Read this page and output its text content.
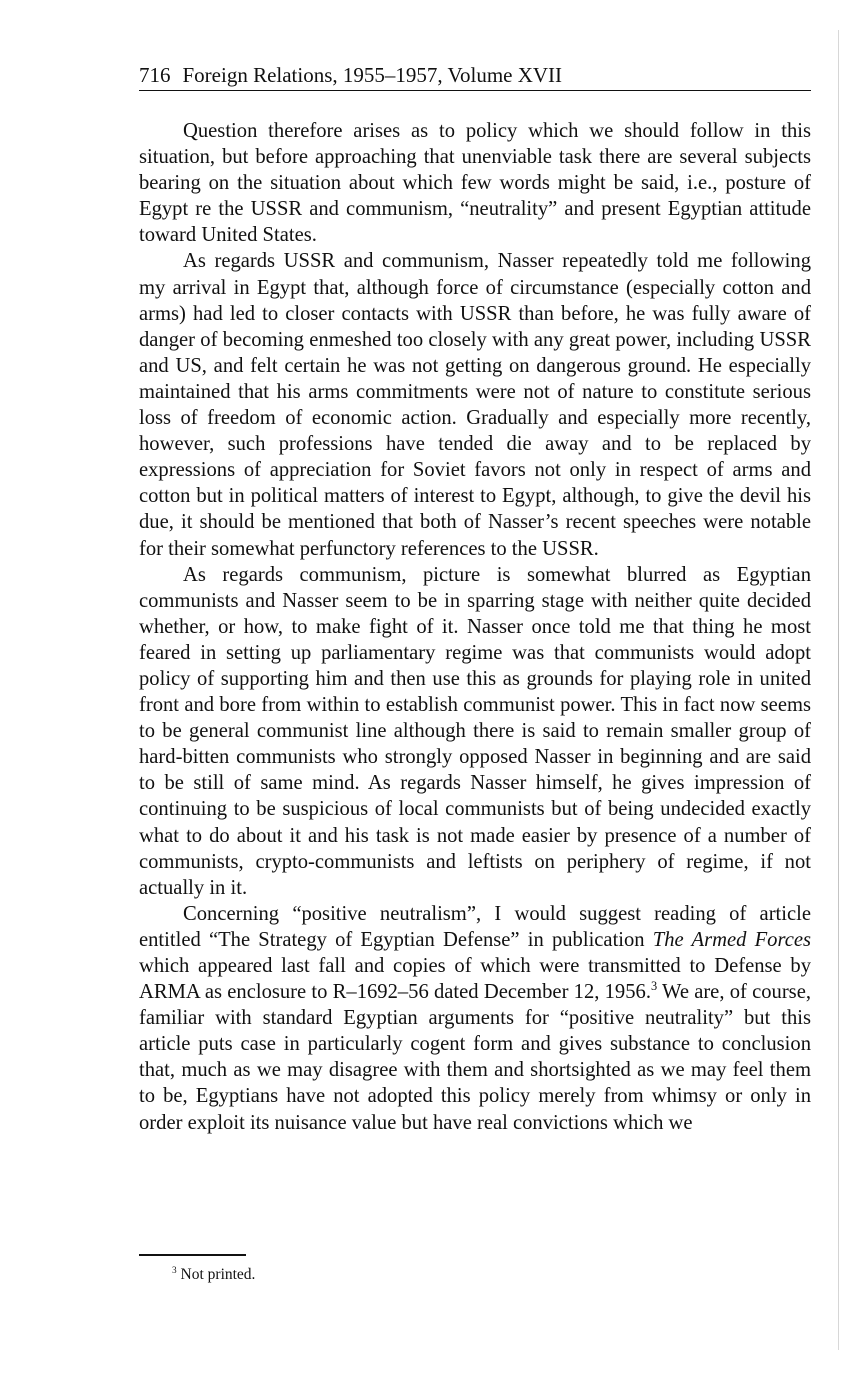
716 Foreign Relations, 1955–1957, Volume XVII

Question therefore arises as to policy which we should follow in this situation, but before approaching that unenviable task there are several subjects bearing on the situation about which few words might be said, i.e., posture of Egypt re the USSR and communism, “neutrality” and present Egyptian attitude toward United States.

As regards USSR and communism, Nasser repeatedly told me following my arrival in Egypt that, although force of circumstance (especially cotton and arms) had led to closer contacts with USSR than before, he was fully aware of danger of becoming enmeshed too closely with any great power, including USSR and US, and felt certain he was not getting on dangerous ground. He especially maintained that his arms commitments were not of nature to constitute serious loss of freedom of economic action. Gradually and especially more recently, however, such professions have tended die away and to be replaced by expressions of appreciation for Soviet favors not only in respect of arms and cotton but in political matters of interest to Egypt, although, to give the devil his due, it should be mentioned that both of Nasser’s recent speeches were notable for their somewhat perfunctory references to the USSR.

As regards communism, picture is somewhat blurred as Egyptian communists and Nasser seem to be in sparring stage with neither quite decided whether, or how, to make fight of it. Nasser once told me that thing he most feared in setting up parliamentary regime was that communists would adopt policy of supporting him and then use this as grounds for playing role in united front and bore from within to establish communist power. This in fact now seems to be general communist line although there is said to remain smaller group of hard-bitten communists who strongly opposed Nasser in beginning and are said to be still of same mind. As regards Nasser himself, he gives impression of continuing to be suspicious of local communists but of being undecided exactly what to do about it and his task is not made easier by presence of a number of communists, crypto-communists and leftists on periphery of regime, if not actually in it.

Concerning “positive neutralism”, I would suggest reading of article entitled “The Strategy of Egyptian Defense” in publication The Armed Forces which appeared last fall and copies of which were transmitted to Defense by ARMA as enclosure to R–1692–56 dated December 12, 1956.$^3$ We are, of course, familiar with standard Egyptian arguments for “positive neutrality” but this article puts case in particularly cogent form and gives substance to conclusion that, much as we may disagree with them and shortsighted as we may feel them to be, Egyptians have not adopted this policy merely from whimsy or only in order exploit its nuisance value but have real convictions which we

$^3$ Not printed.
